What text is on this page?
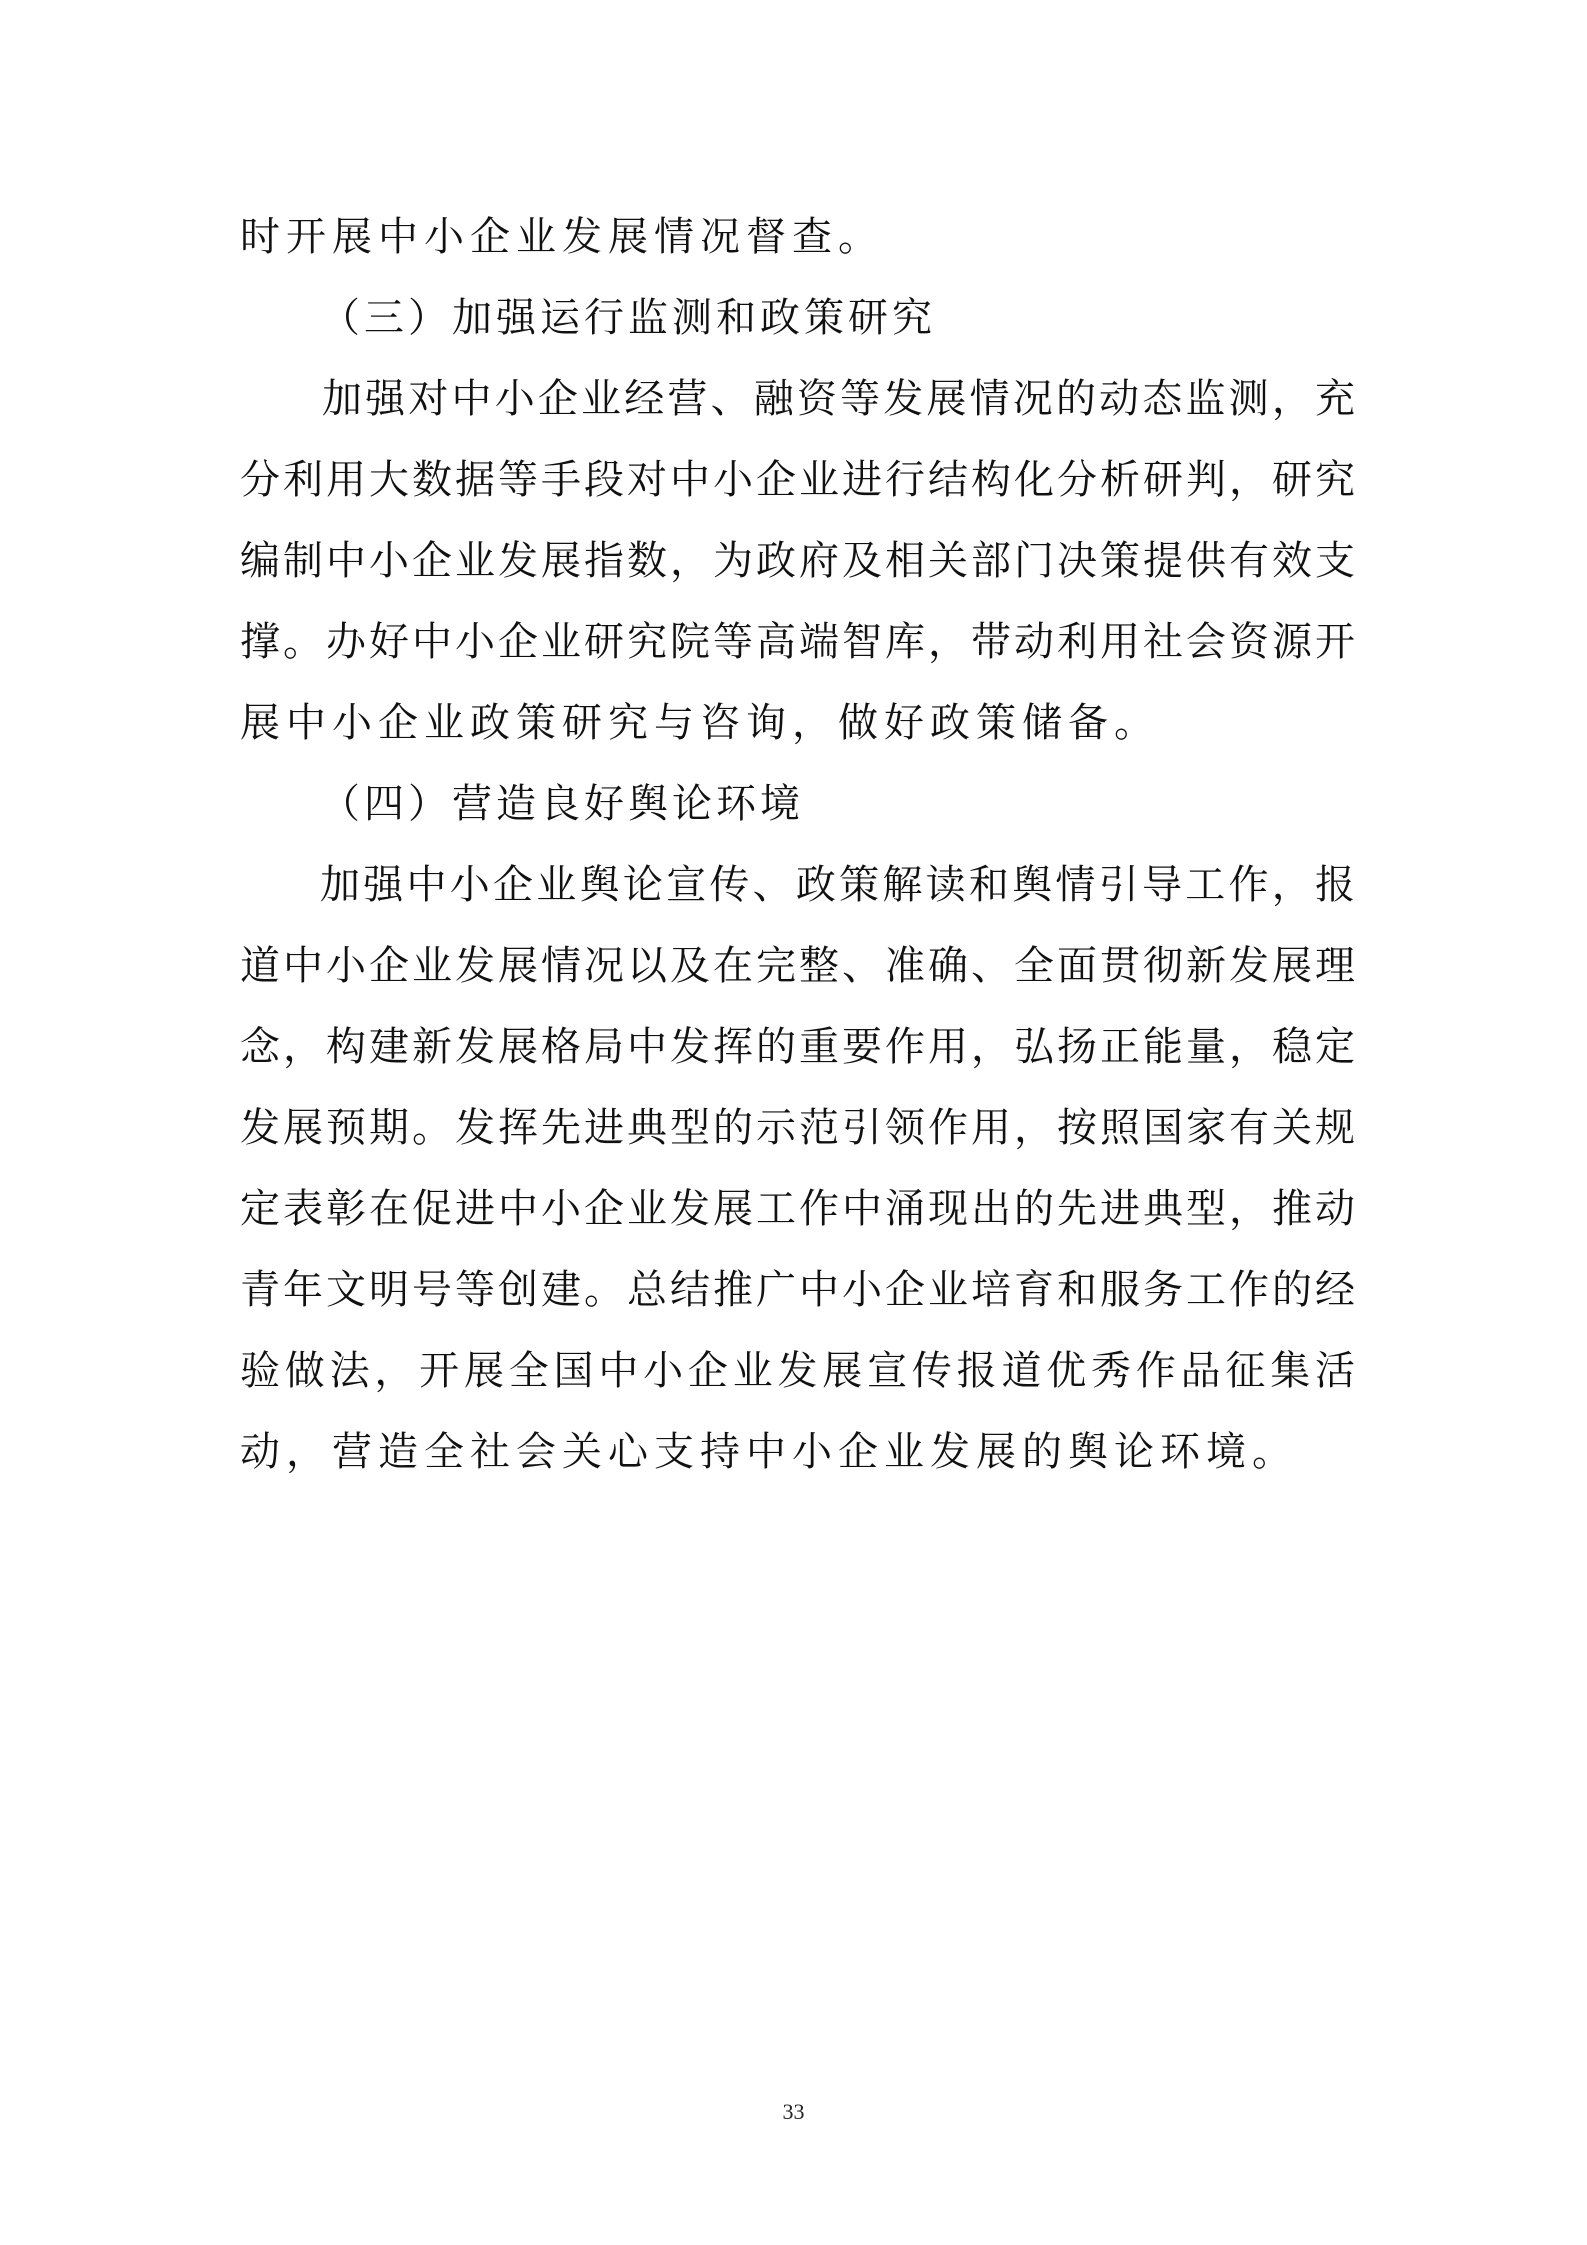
时开展中小企业发展情况督查。
（三）加强运行监测和政策研究
加强对中小企业经营、融资等发展情况的动态监测，充
分利用大数据等手段对中小企业进行结构化分析研判，研究
编制中小企业发展指数，为政府及相关部门决策提供有效支
撑。办好中小企业研究院等高端智库，带动利用社会资源开
展中小企业政策研究与咨询，做好政策储备。
（四）营造良好舆论环境
加强中小企业舆论宣传、政策解读和舆情引导工作，报
道中小企业发展情况以及在完整、准确、全面贯彻新发展理
念，构建新发展格局中发挥的重要作用，弘扬正能量，稳定
发展预期。发挥先进典型的示范引领作用，按照国家有关规
定表彰在促进中小企业发展工作中涌现出的先进典型，推动
青年文明号等创建。总结推广中小企业培育和服务工作的经
验做法，开展全国中小企业发展宣传报道优秀作品征集活
动，营造全社会关心支持中小企业发展的舆论环境。
33
